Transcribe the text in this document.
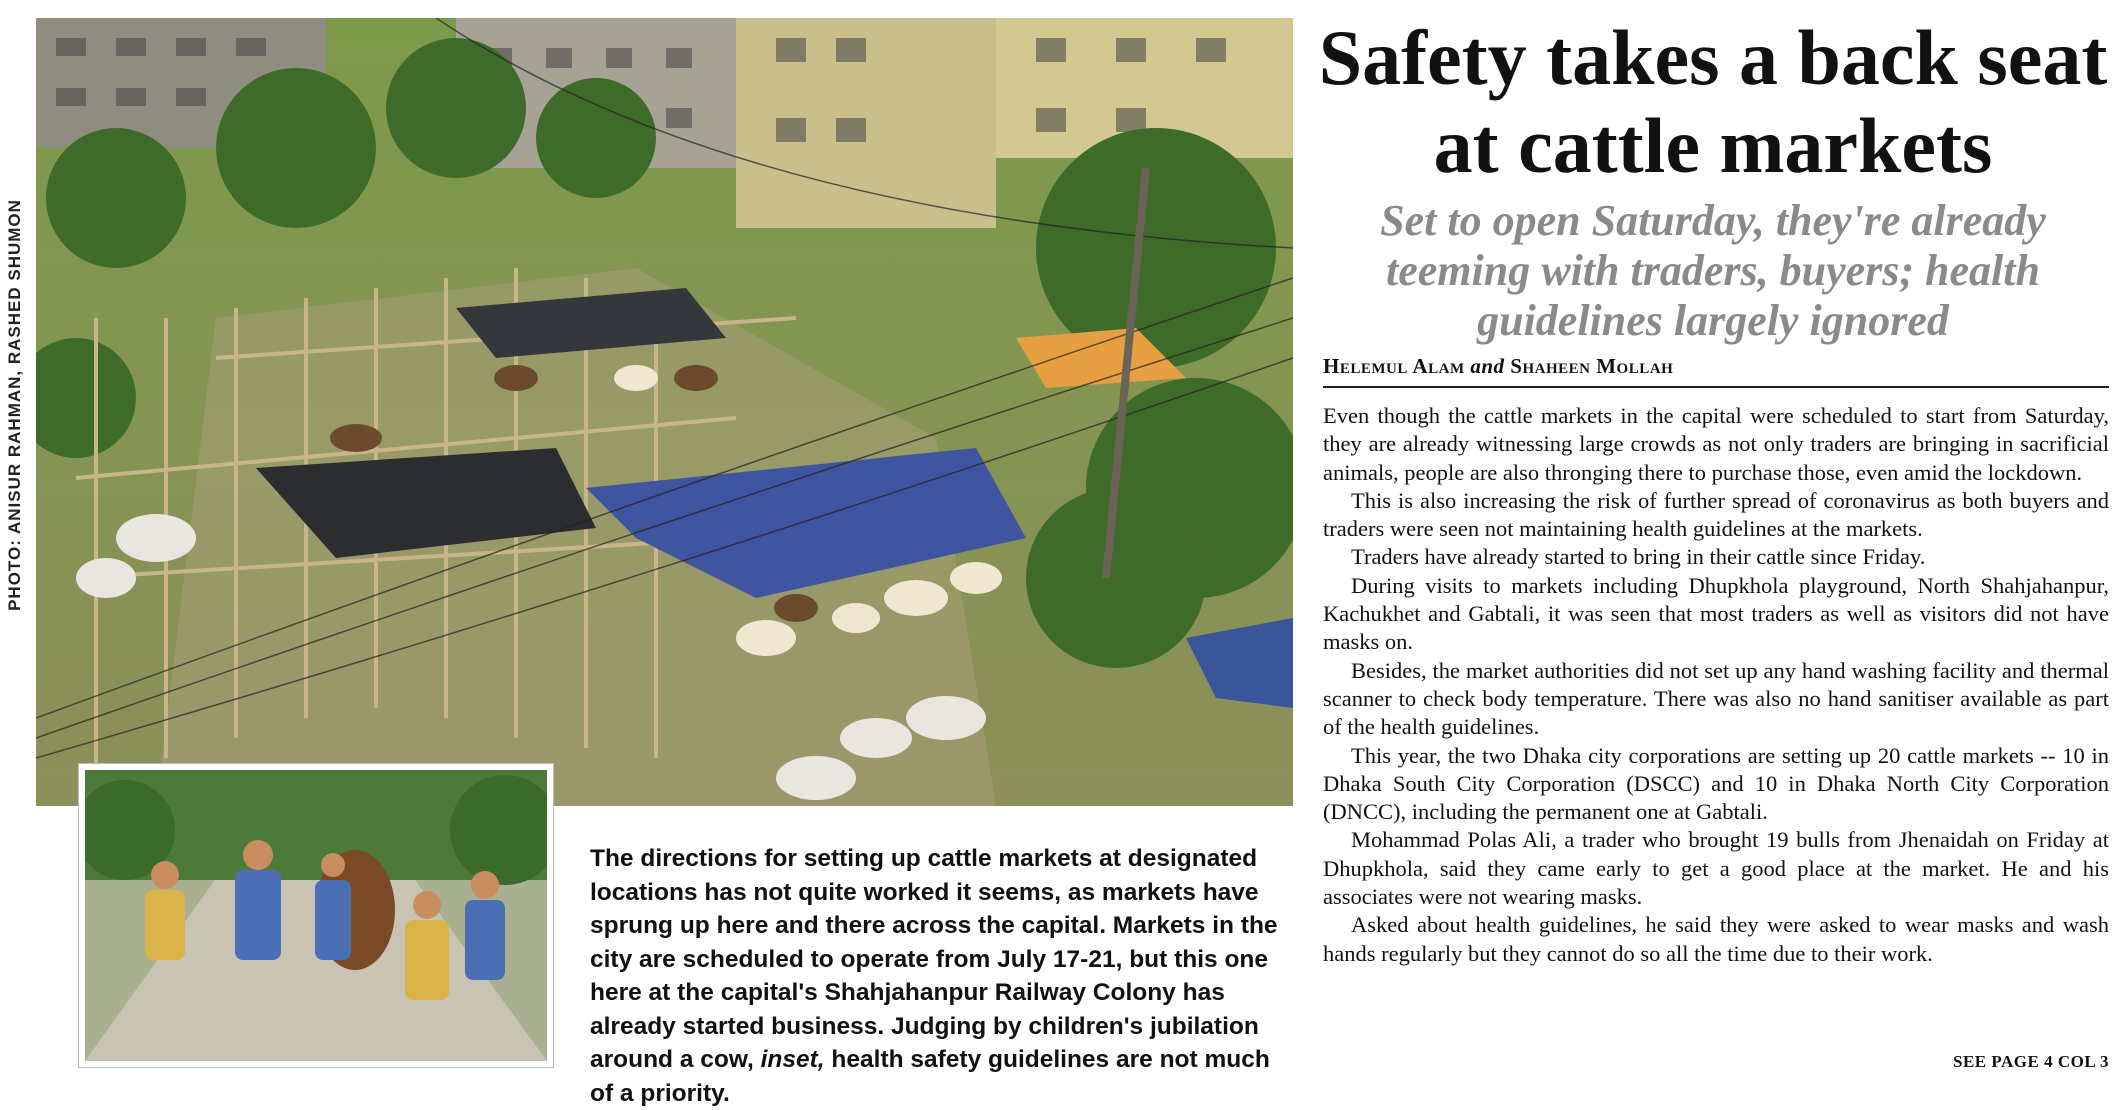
PHOTO: ANISUR RAHMAN, RASHED SHUMON
The directions for setting up cattle markets at designated locations has not quite worked it seems, as markets have sprung up here and there across the capital. Markets in the city are scheduled to operate from July 17-21, but this one here at the capital's Shahjahanpur Railway Colony has already started business. Judging by children's jubilation around a cow, inset, health safety guidelines are not much of a priority.
Safety takes a back seat at cattle markets
Set to open Saturday, they're already teeming with traders, buyers; health guidelines largely ignored
Helemul Alam and Shaheen Mollah

Even though the cattle markets in the capital were scheduled to start from Saturday, they are already witnessing large crowds as not only traders are bringing in sacrificial animals, people are also thronging there to purchase those, even amid the lockdown.

This is also increasing the risk of further spread of coronavirus as both buyers and traders were seen not maintaining health guidelines at the markets.

Traders have already started to bring in their cattle since Friday.

During visits to markets including Dhupkhola playground, North Shahjahanpur, Kachukhet and Gabtali, it was seen that most traders as well as visitors did not have masks on.

Besides, the market authorities did not set up any hand washing facility and thermal scanner to check body temperature. There was also no hand sanitiser available as part of the health guidelines.

This year, the two Dhaka city corporations are setting up 20 cattle markets -- 10 in Dhaka South City Corporation (DSCC) and 10 in Dhaka North City Corporation (DNCC), including the permanent one at Gabtali.

Mohammad Polas Ali, a trader who brought 19 bulls from Jhenaidah on Friday at Dhupkhola, said they came early to get a good place at the market. He and his associates were not wearing masks.

Asked about health guidelines, he said they were asked to wear masks and wash hands regularly but they cannot do so all the time due to their work.

SEE PAGE 4 COL 3
